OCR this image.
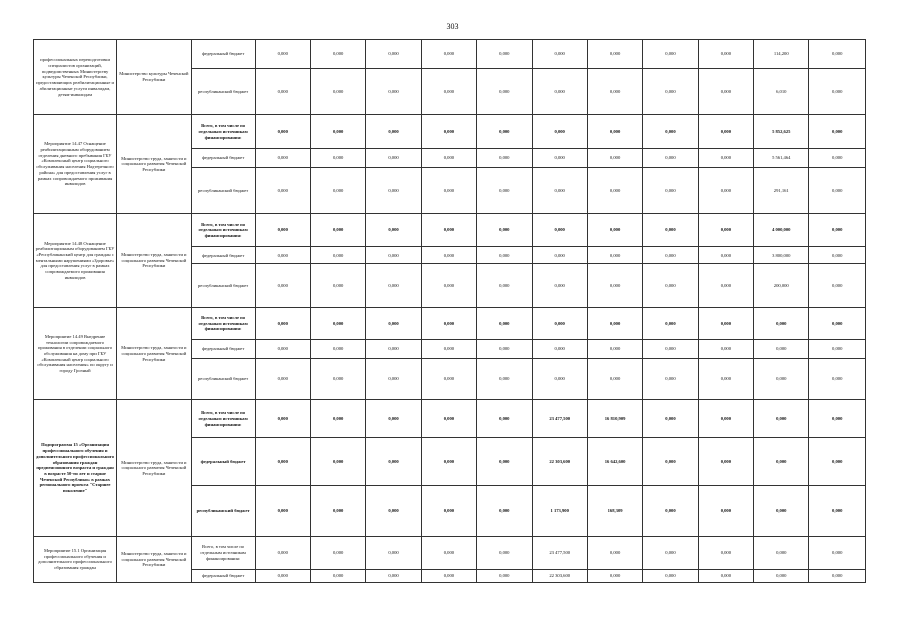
303
профессиональных переподготовки специалистов организаций, подведомственных Министерству культуры Чеченской Республики, предоставляющих реабилитационные и абилитационные услуги инвалидам, детям-инвалидам	Министерство культуры Чеченской Республики	федеральный бюджет	0,000	0,000	0,000	0,000	0,000	0,000	0,000	0,000	0,000	114,200	0,000
		республиканский бюджет	0,000	0,000	0,000	0,000	0,000	0,000	0,000	0,000	0,000	6,010	0,000
Мероприятие 14.47 Оснащение реабилитационным оборудованием отделения дневного пребывания ГБУ «Комплексный центр социального обслуживания населения Надтеречного района» для предоставления услуг в рамках сопровождаемого проживания инвалидов	Министерство труда, занятости и социального развития Чеченской Республики	Всего, в том числе по отдельным источникам финансирования:	0,000	0,000	0,000	0,000	0,000	0,000	0,000	0,000	0,000	5 852,625	0,000
		федеральный бюджет	0,000	0,000	0,000	0,000	0,000	0,000	0,000	0,000	0,000	5 561,464	0,000
		республиканский бюджет	0,000	0,000	0,000	0,000	0,000	0,000	0,000	0,000	0,000	291,161	0,000
Мероприятие 14.48 Оснащение реабилитационным оборудованием ГБУ «Республиканский центр для граждан с ментальными нарушениями «Здоровье» для предоставления услуг в рамках сопровождаемого проживания инвалидов	Министерство труда, занятости и социального развития Чеченской Республики	Всего, в том числе по отдельным источникам финансирования:	0,000	0,000	0,000	0,000	0,000	0,000	0,000	0,000	0,000	4 000,000	0,000
		федеральный бюджет	0,000	0,000	0,000	0,000	0,000	0,000	0,000	0,000	0,000	3 800,000	0,000
		республиканский бюджет	0,000	0,000	0,000	0,000	0,000	0,000	0,000	0,000	0,000	200,000	0,000
Мероприятие 14.49 Внедрение технологии сопровождаемого проживания в отделении социального обслуживания на дому при ГБУ «Комплексный центр социального обслуживания населения» по округу и городу Грозный	Министерство труда, занятости и социального развития Чеченской Республики	Всего, в том числе по отдельным источникам финансирования:	0,000	0,000	0,000	0,000	0,000	0,000	0,000	0,000	0,000	0,000	0,000
		федеральный бюджет	0,000	0,000	0,000	0,000	0,000	0,000	0,000	0,000	0,000	0,000	0,000
		республиканский бюджет	0,000	0,000	0,000	0,000	0,000	0,000	0,000	0,000	0,000	0,000	0,000
Подпрограмма 15 «Организация профессионального обучения и дополнительного профессионального образования граждан предпенсионного возраста и граждан в возрасте 50-ти лет и старше Чеченской Республики» в рамках регионального проекта "Старшее поколение"	Министерство труда, занятости и социального развития Чеченской Республики	Всего, в том числе по отдельным источникам финансирования:	0,000	0,000	0,000	0,000	0,000	23 477,500	16 810,909	0,000	0,000	0,000	0,000
		федеральный бюджет	0,000	0,000	0,000	0,000	0,000	22 303,600	16 642,600	0,000	0,000	0,000	0,000
		республиканский бюджет	0,000	0,000	0,000	0,000	0,000	1 173,900	168,309	0,000	0,000	0,000	0,000
Мероприятие 15.1 Организация профессионального обучения и дополнительного профессионального образования граждан	Министерство труда, занятости и социального развития Чеченской Республики	Всего, в том числе по отдельным источникам финансирования:	0,000	0,000	0,000	0,000	0,000	23 477,500	0,000	0,000	0,000	0,000	0,000
		федеральный бюджет	0,000	0,000	0,000	0,000	0,000	22 303,600	0,000	0,000	0,000	0,000	0,000
